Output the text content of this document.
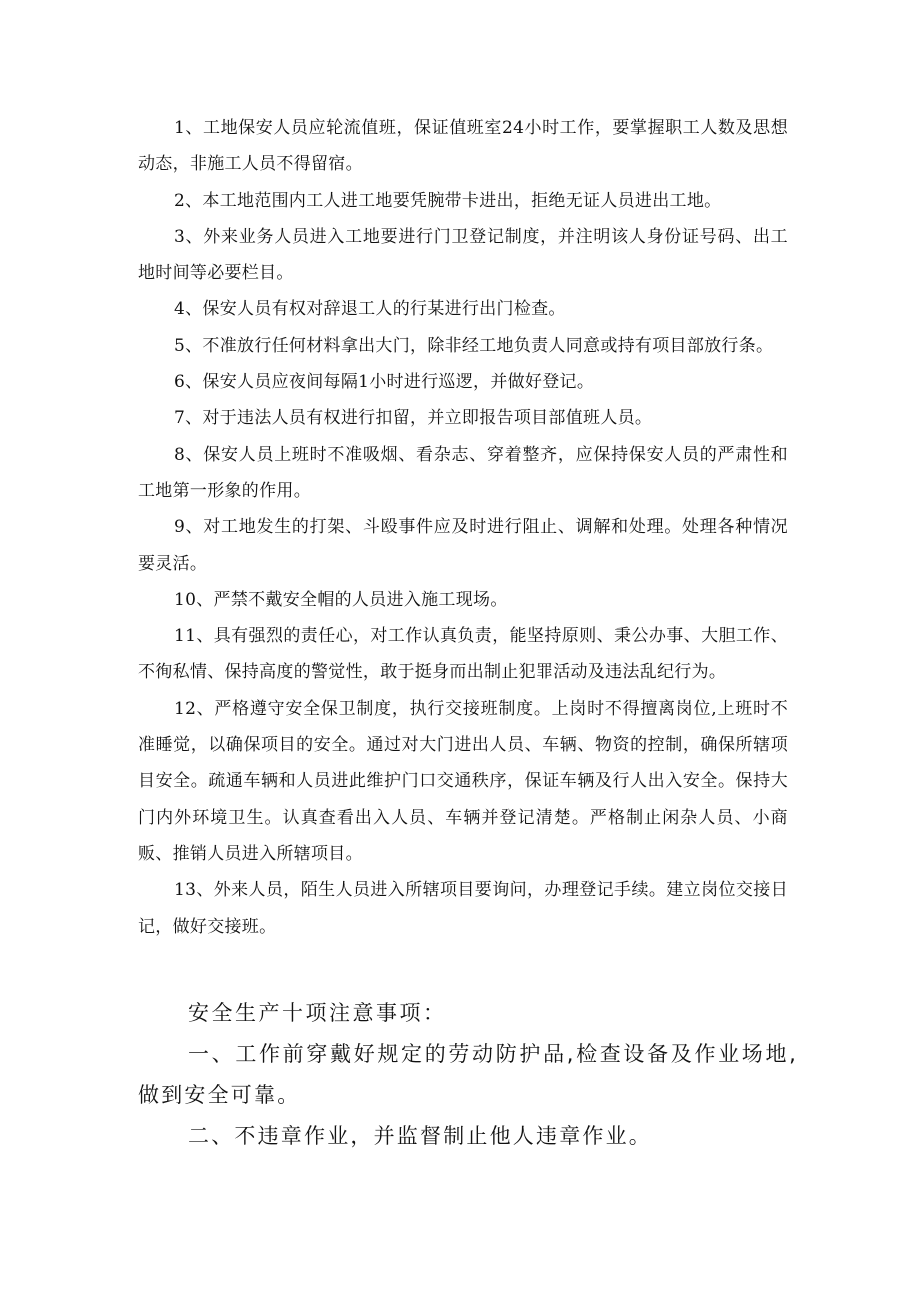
1、工地保安人员应轮流值班，保证值班室24小时工作，要掌握职工人数及思想动态，非施工人员不得留宿。

2、本工地范围内工人进工地要凭腕带卡进出，拒绝无证人员进出工地。

3、外来业务人员进入工地要进行门卫登记制度，并注明该人身份证号码、出工地时间等必要栏目。

4、保安人员有权对辞退工人的行某进行出门检查。

5、不准放行任何材料拿出大门，除非经工地负责人同意或持有项目部放行条。

6、保安人员应夜间每隔1小时进行巡逻，并做好登记。

7、对于违法人员有权进行扣留，并立即报告项目部值班人员。

8、保安人员上班时不准吸烟、看杂志、穿着整齐，应保持保安人员的严肃性和工地第一形象的作用。

9、对工地发生的打架、斗殴事件应及时进行阻止、调解和处理。处理各种情况要灵活。

10、严禁不戴安全帽的人员进入施工现场。

11、具有强烈的责任心，对工作认真负责，能坚持原则、秉公办事、大胆工作、不徇私情、保持高度的警觉性，敢于挺身而出制止犯罪活动及违法乱纪行为。

12、严格遵守安全保卫制度，执行交接班制度。上岗时不得擅离岗位,上班时不准睡觉，以确保项目的安全。通过对大门进出人员、车辆、物资的控制，确保所辖项目安全。疏通车辆和人员进此维护门口交通秩序，保证车辆及行人出入安全。保持大门内外环境卫生。认真查看出入人员、车辆并登记清楚。严格制止闲杂人员、小商贩、推销人员进入所辖项目。

13、外来人员，陌生人员进入所辖项目要询问，办理登记手续。建立岗位交接日记，做好交接班。

安全生产十项注意事项：

一、工作前穿戴好规定的劳动防护品,检查设备及作业场地,做到安全可靠。

二、不违章作业，并监督制止他人违章作业。
